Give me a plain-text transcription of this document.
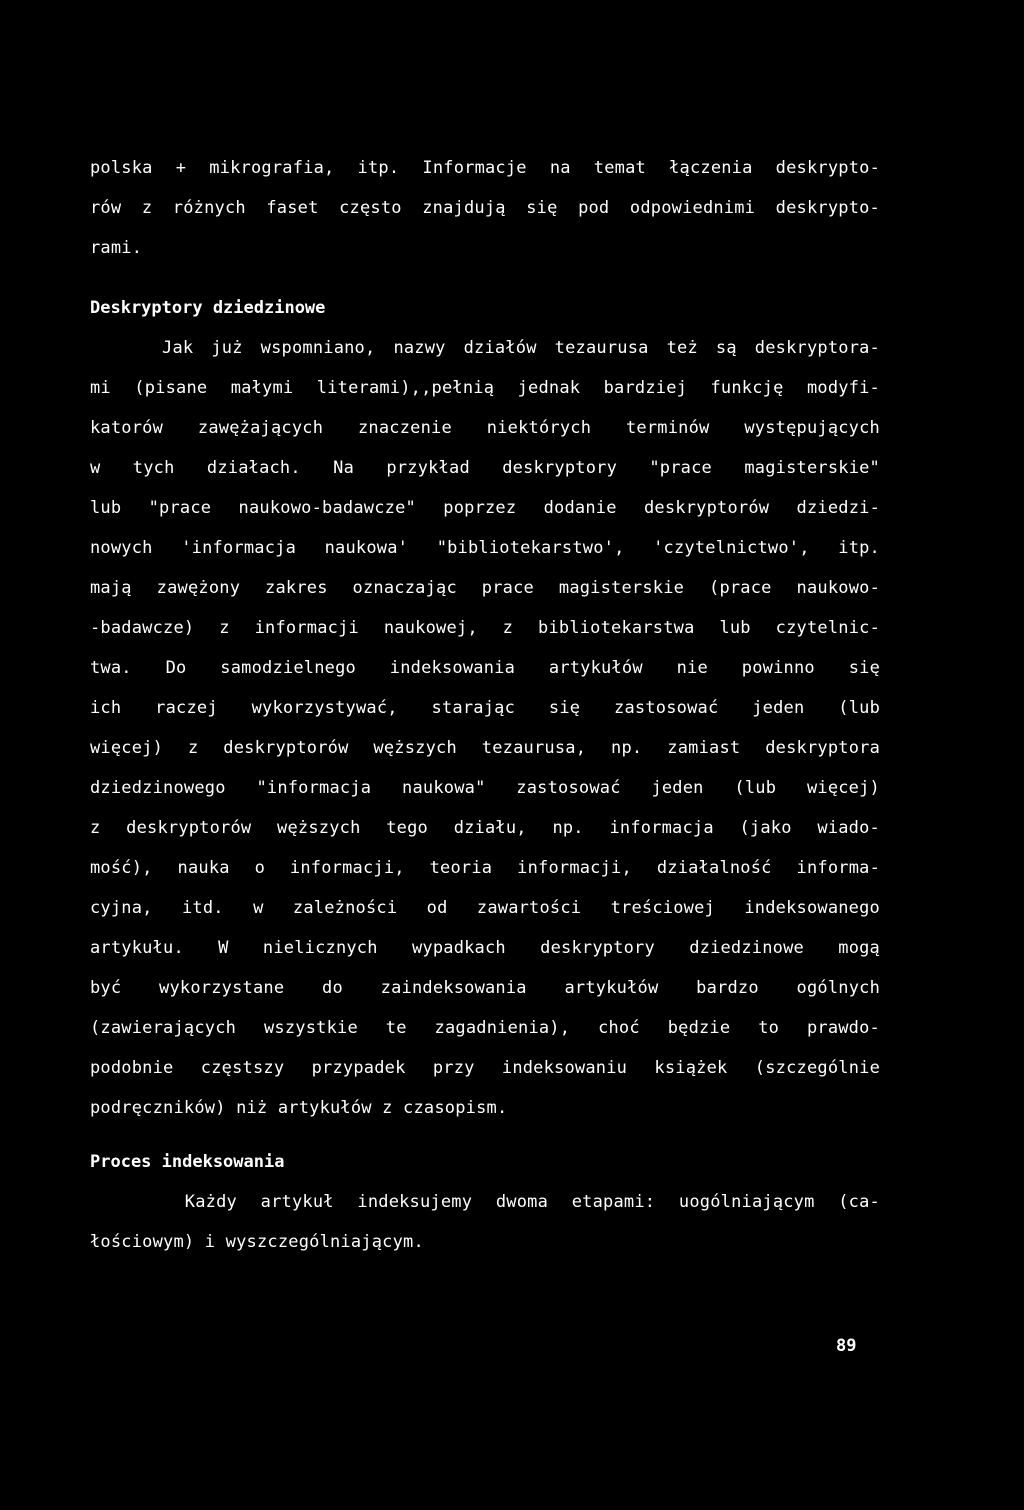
polska + mikrografia, itp. Informacje na temat łączenia deskrypto-
rów z różnych faset często znajdują się pod odpowiednimi deskrypto-
rami.
Deskryptory dziedzinowe
Jak już wspomniano, nazwy działów tezaurusa też są deskryptora-
mi (pisane małymi literami),,pełnią jednak bardziej funkcję modyfi-
katorów zawężających znaczenie niektórych terminów występujących
w tych działach. Na przykład deskryptory "prace magisterskie"
lub "prace naukowo-badawcze" poprzez dodanie deskryptorów dziedzi-
nowych 'informacja naukowa' "bibliotekarstwo', 'czytelnictwo', itp.
mają zawężony zakres oznaczając prace magisterskie (prace naukowo-
-badawcze) z informacji naukowej, z bibliotekarstwa lub czytelnic-
twa. Do samodzielnego indeksowania artykułów nie powinno się
ich raczej wykorzystywać, starając się zastosować jeden (lub
więcej) z deskryptorów węższych tezaurusa, np. zamiast deskryptora
dziedzinowego "informacja naukowa" zastosować jeden (lub więcej)
z deskryptorów węższych tego działu, np. informacja (jako wiado-
mość), nauka o informacji, teoria informacji, działalność informa-
cyjna, itd. w zależności od zawartości treściowej indeksowanego
artykułu. W nielicznych wypadkach deskryptory dziedzinowe mogą
być wykorzystane do zaindeksowania artykułów bardzo ogólnych
(zawierających wszystkie te zagadnienia), choć będzie to prawdo-
podobnie częstszy przypadek przy indeksowaniu książek (szczególnie
podręczników) niż artykułów z czasopism.
Proces indeksowania
Każdy artykuł indeksujemy dwoma etapami: uogólniającym (ca-
łościowym) i wyszczególniającym.
89
